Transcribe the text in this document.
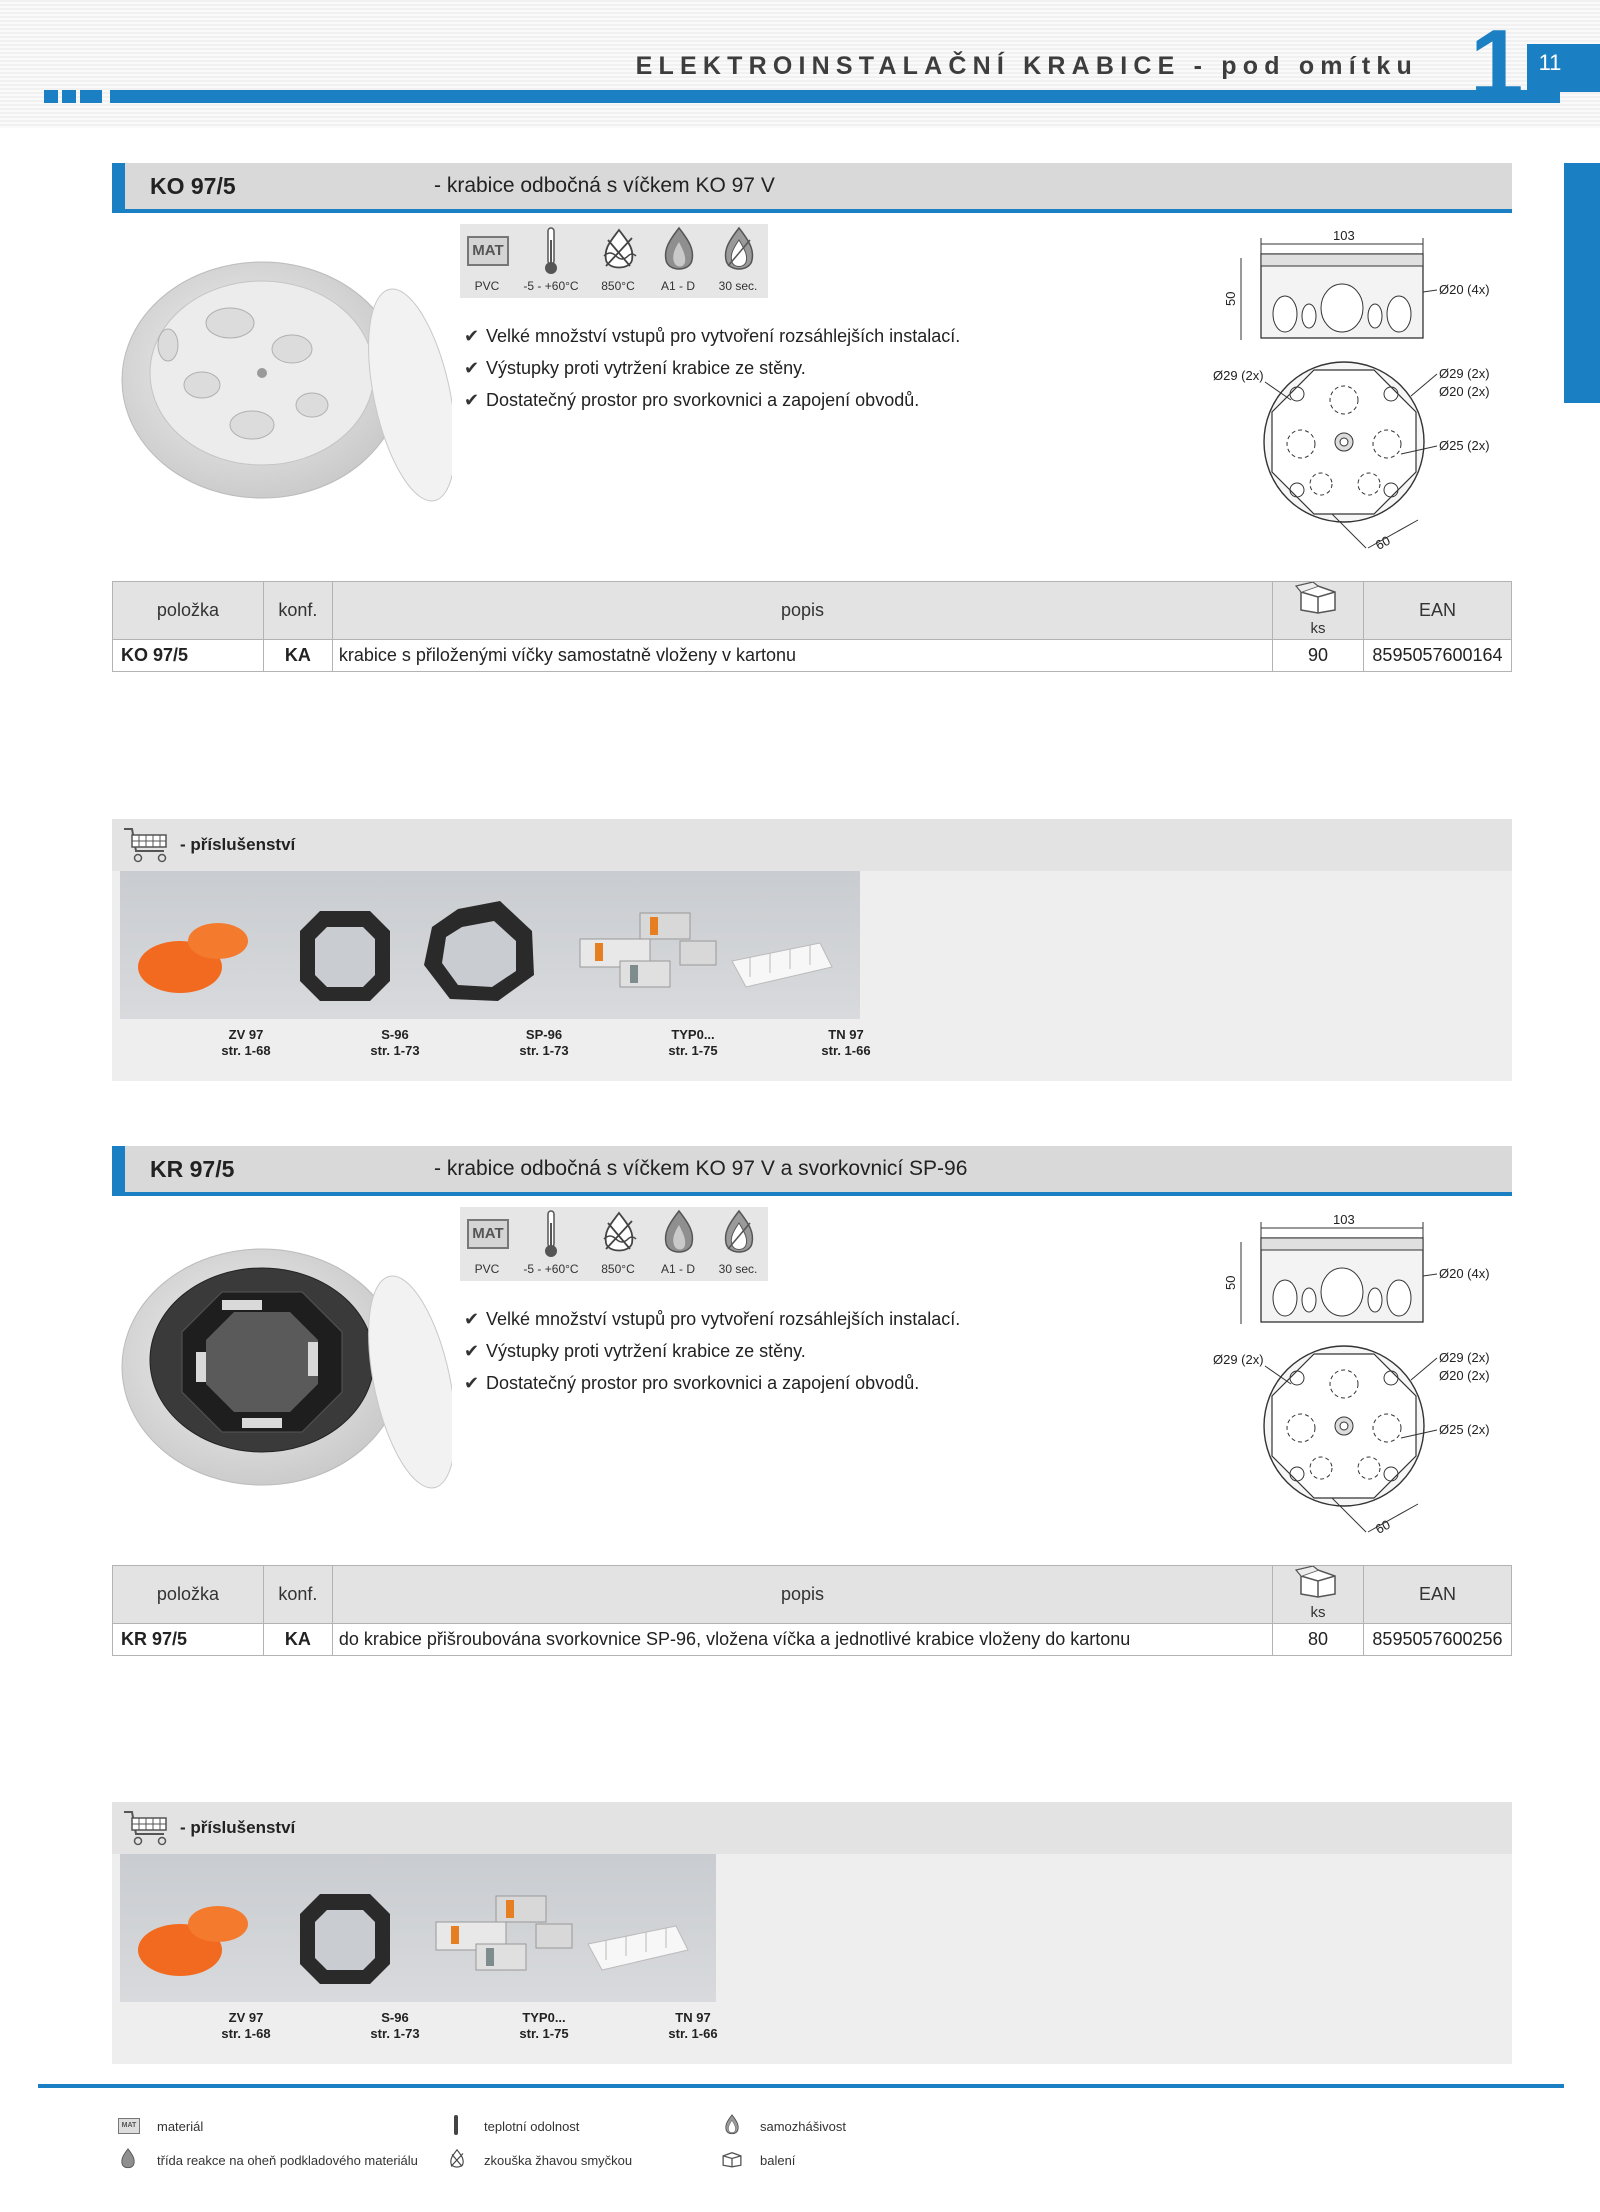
ELEKTROINSTALAČNÍ KRABICE - pod omítku 1 11
KO 97/5	- krabice odbočná s víčkem KO 97 V
MAT
PVC	-5 - +60°C	850°C	A1 - D	30 sec.
✔ Velké množství vstupů pro vytvoření rozsáhlejších instalací.
✔ Výstupky proti vytržení krabice ze stěny.
✔ Dostatečný prostor pro svorkovnici a zapojení obvodů.
103
50
Ø20 (4x)
Ø29 (2x)	Ø29 (2x)
Ø20 (2x)
Ø25 (2x)
60
položka	konf.	popis		EAN
			ks	
KO 97/5	KA	krabice s přiloženými víčky samostatně vloženy v kartonu	90	8595057600164
- příslušenství
ZV 97
str. 1-68
S-96
str. 1-73
SP-96
str. 1-73
TYP0...
str. 1-75
TN 97
str. 1-66
KR 97/5	- krabice odbočná s víčkem KO 97 V a svorkovnicí SP-96
MAT
PVC	-5 - +60°C	850°C	A1 - D	30 sec.
✔ Velké množství vstupů pro vytvoření rozsáhlejších instalací.
✔ Výstupky proti vytržení krabice ze stěny.
✔ Dostatečný prostor pro svorkovnici a zapojení obvodů.
103
50
Ø20 (4x)
Ø29 (2x)	Ø29 (2x)
Ø20 (2x)
Ø25 (2x)
60
položka	konf.	popis		EAN
			ks	
KR 97/5	KA	do krabice přišroubována svorkovnice SP-96, vložena víčka a jednotlivé krabice vloženy do kartonu	80	8595057600256
- příslušenství
ZV 97
str. 1-68
S-96
str. 1-73
TYP0...
str. 1-75
TN 97
str. 1-66
MAT materiál	teplotní odolnost	samozhášivost
třída reakce na oheň podkladového materiálu	zkouška žhavou smyčkou	balení
